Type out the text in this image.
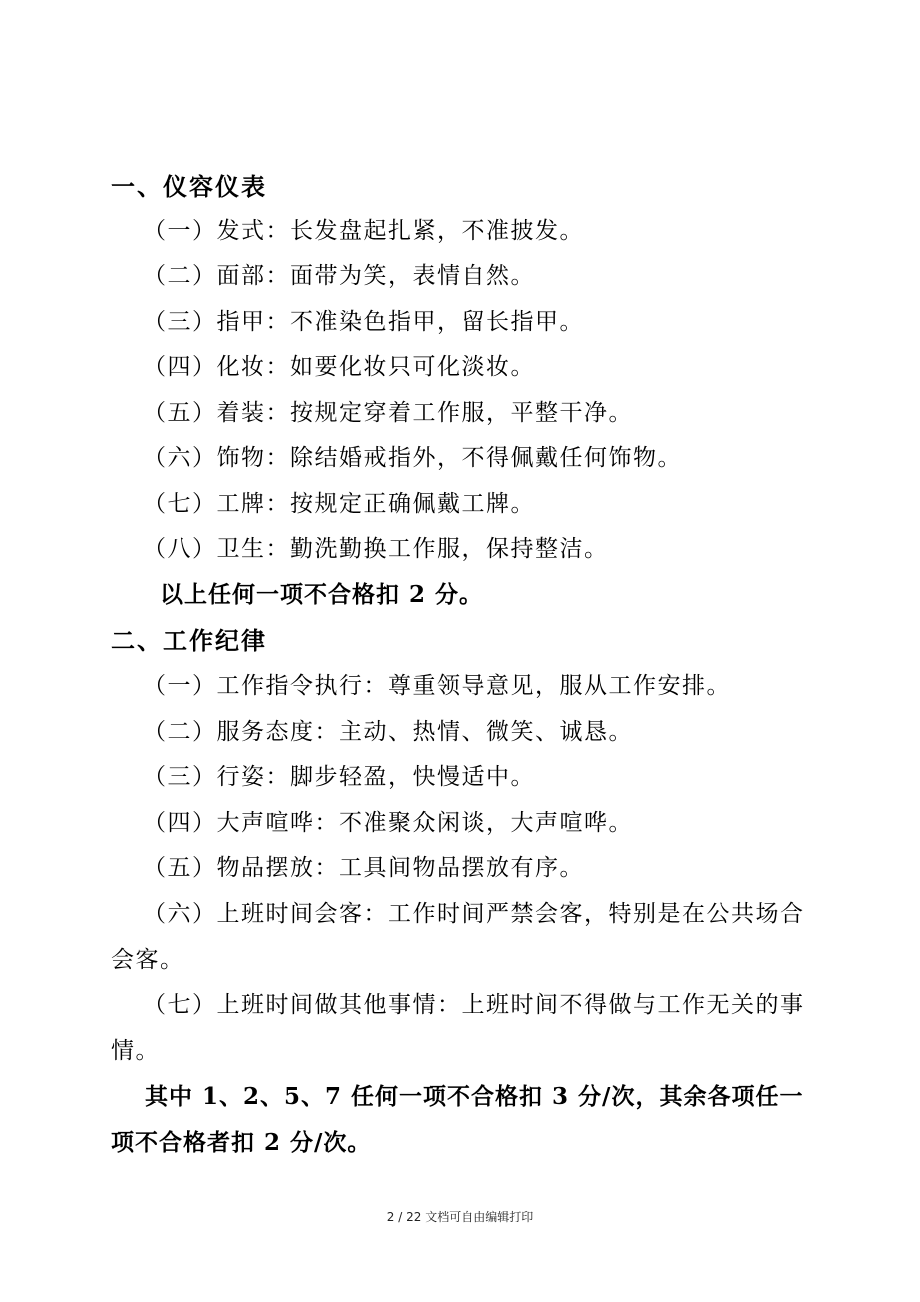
一、仪容仪表
（一）发式：长发盘起扎紧，不准披发。
（二）面部：面带为笑，表情自然。
（三）指甲：不准染色指甲，留长指甲。
（四）化妆：如要化妆只可化淡妆。
（五）着装：按规定穿着工作服，平整干净。
（六）饰物：除结婚戒指外，不得佩戴任何饰物。
（七）工牌：按规定正确佩戴工牌。
（八）卫生：勤洗勤换工作服，保持整洁。
以上任何一项不合格扣 2 分。
二、工作纪律
（一）工作指令执行：尊重领导意见，服从工作安排。
（二）服务态度：主动、热情、微笑、诚恳。
（三）行姿：脚步轻盈，快慢适中。
（四）大声喧哗：不准聚众闲谈，大声喧哗。
（五）物品摆放：工具间物品摆放有序。
（六）上班时间会客：工作时间严禁会客，特别是在公共场合会客。
（七）上班时间做其他事情：上班时间不得做与工作无关的事情。
其中 1、2、5、7 任何一项不合格扣 3 分/次，其余各项任一项不合格者扣 2 分/次。
2 / 22 文档可自由编辑打印
